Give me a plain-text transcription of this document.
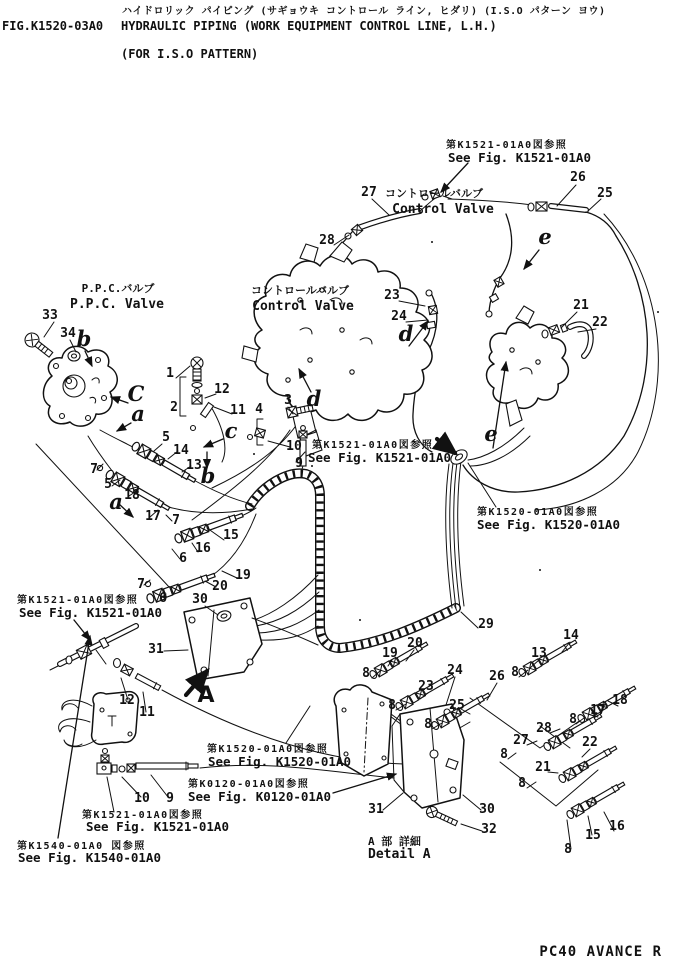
ハイドロリック パイピング (サギョウキ コントロール ライン, ヒダリ) (I.S.O パターン ヨウ)
FIG.K1520-03A0 HYDRAULIC PIPING (WORK EQUIPMENT CONTROL LINE, L.H.)
(FOR I.S.O PATTERN)
PC40 AVANCE R
33
34
1
2
12
11 4
3
10
9
5
14
13
7
5
18
17 7
15
16
6
19
20
7
6 30
31
12
11
10 9
27
28
26
25
23
24
21
22
29
19
20
8
23
24 26
25
8
8
13
14
8
17
18
8
28
27
8
21
22
8
31	30
32	15
16
8
b
C
a
c
b
a
d
d
e
e
A
P.P.C.バルブ
P.P.C. Valve
コントロールバルブ
Control Valve
コントロールバルブ
Control Valve
A 部 詳細
Detail A
第K1521-01A0図参照
See Fig. K1521-01A0
第K1521-01A0図参照
See Fig. K1521-01A0
第K1520-01A0図参照
See Fig. K1520-01A0
第K1521-01A0図参照
See Fig. K1521-01A0
第K1520-01A0図参照
See Fig. K1520-01A0
第K0120-01A0図参照
See Fig. K0120-01A0
第K1521-01A0図参照
See Fig. K1521-01A0
第K1540-01A0 図参照
See Fig. K1540-01A0
